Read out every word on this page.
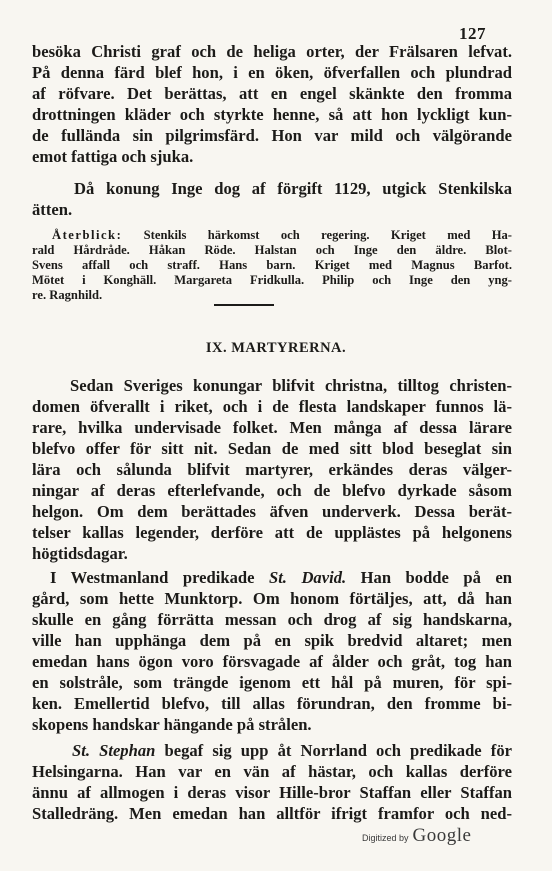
127
besöka Christi graf och de heliga orter, der Frälsaren lefvat.
På denna färd blef hon, i en öken, öfverfallen och plundrad
af röfvare. Det berättas, att en engel skänkte den fromma
drottningen kläder och styrkte henne, så att hon lyckligt kun-
de fulländа sin pilgrimsfärd. Hon var mild och välgörande
emot fattiga och sjuka.
Då konung Inge dog af förgift 1129, utgick Stenkilska
ätten.
Återblick: Stenkils härkomst och regering. Kriget med Ha-
rald Hårdråde. Håkan Röde. Halstan och Inge den äldre. Blot-
Svens affall och straff. Hans barn. Kriget med Magnus Barfot.
Mötet i Konghäll. Margareta Fridkulla. Philip och Inge den yng-
re. Ragnhild.
IX. MARTYRERNA.
Sedan Sveriges konungar blifvit christna, tilltog christen-
domen öfverallt i riket, och i de flesta landskaper funnos lä-
rare, hvilka undervisade folket. Men många af dessa lärare
blefvo offer för sitt nit. Sedan de med sitt blod beseglat sin
lära och sålunda blifvit martyrer, erkändes deras välger-
ningar af deras efterlefvande, och de blefvo dyrkade såsom
helgon. Om dem berättades äfven underverk. Dessa berät-
telser kallas legender, derföre att de upplästes på helgonens
högtidsdagar.
I Westmanland predikade St. David. Han bodde på en
gård, som hette Munktorp. Om honom förtäljes, att, då han
skulle en gång förrätta messan och drog af sig handskarna,
ville han upphänga dem på en spik bredvid altaret; men
emedan hans ögon voro försvagade af ålder och gråt, tog han
en solstråle, som trängde igenom ett hål på muren, för spi-
ken. Emellertid blefvo, till allas förundran, den fromme bi-
skopens handskar hängande på strålen.
St. Stephan begaf sig upp åt Norrland och predikade för
Helsingarna. Han var en vän af hästar, och kallas derföre
ännu af allmogen i deras visor Hille-bror Staffan eller Staffan
Stalledräng. Men emedan han alltför ifrigt framfor och ned-
Digitized by Google
